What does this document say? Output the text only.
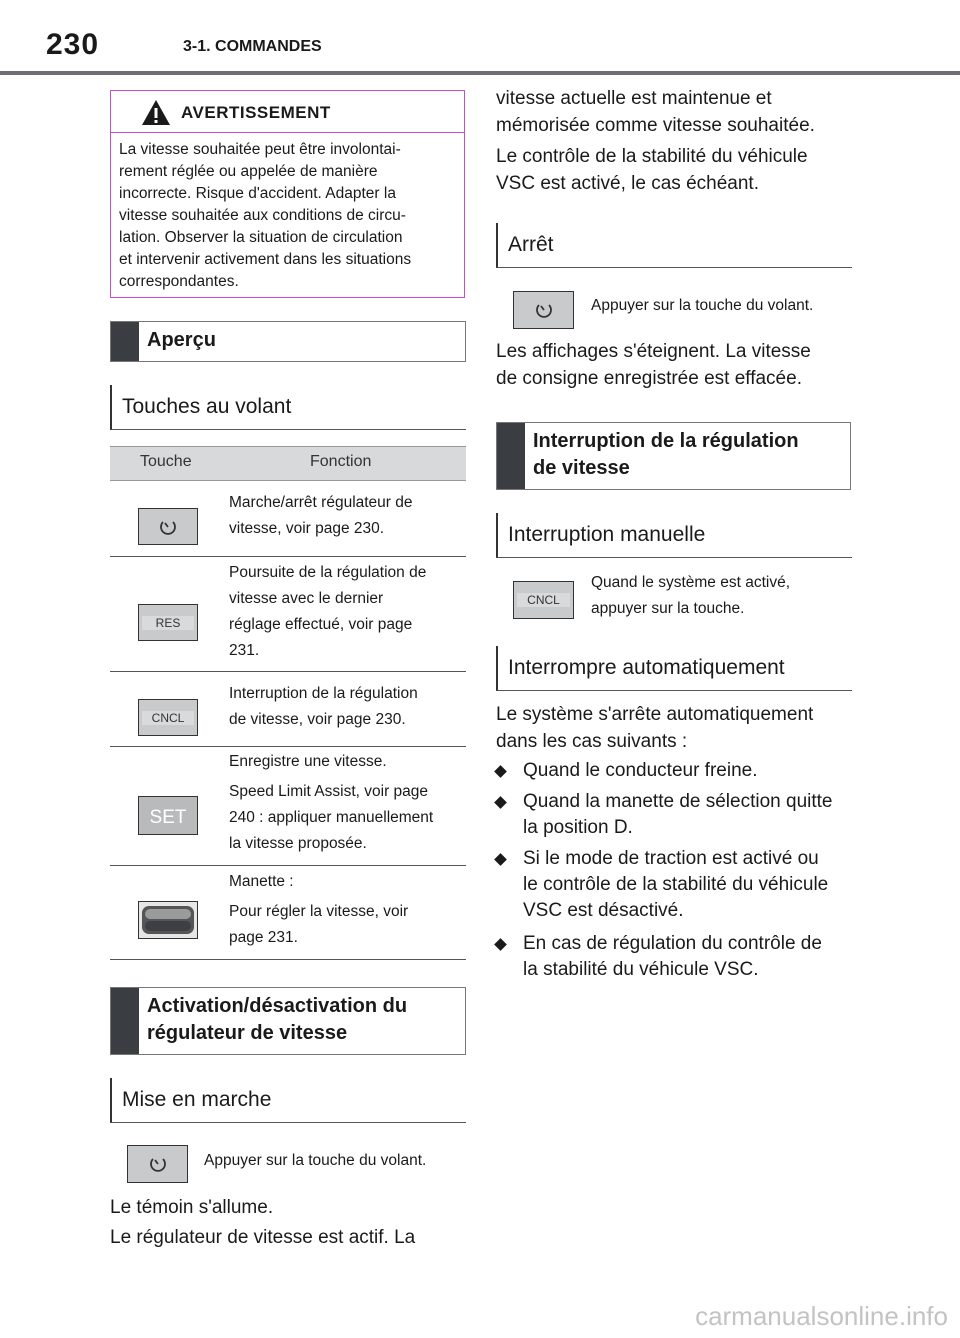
230	3-1. COMMANDES
AVERTISSEMENT
La vitesse souhaitée peut être involontai-
rement réglée ou appelée de manière
incorrecte. Risque d'accident. Adapter la
vitesse souhaitée aux conditions de circu-
lation. Observer la situation de circulation
et intervenir activement dans les situations
correspondantes.
Aperçu
Touches au volant
Touche	Fonction
Marche/arrêt régulateur de
vitesse, voir page 230.
RES
Poursuite de la régulation de
vitesse avec le dernier
réglage effectué, voir page
231.
CNCL
Interruption de la régulation
de vitesse, voir page 230.
SET
Enregistre une vitesse.
Speed Limit Assist, voir page
240 : appliquer manuellement
la vitesse proposée.
Manette :
Pour régler la vitesse, voir
page 231.
Activation/désactivation du
régulateur de vitesse
Mise en marche
Appuyer sur la touche du volant.
Le témoin s'allume.
Le régulateur de vitesse est actif. La
vitesse actuelle est maintenue et
mémorisée comme vitesse souhaitée.
Le contrôle de la stabilité du véhicule
VSC est activé, le cas échéant.
Arrêt
Appuyer sur la touche du volant.
Les affichages s'éteignent. La vitesse
de consigne enregistrée est effacée.
Interruption de la régulation
de vitesse
Interruption manuelle
CNCL
Quand le système est activé,
appuyer sur la touche.
Interrompre automatiquement
Le système s'arrête automatiquement
dans les cas suivants :
Quand le conducteur freine.
Quand la manette de sélection quitte
la position D.
Si le mode de traction est activé ou
le contrôle de la stabilité du véhicule
VSC est désactivé.
En cas de régulation du contrôle de
la stabilité du véhicule VSC.
carmanualsonline.info
